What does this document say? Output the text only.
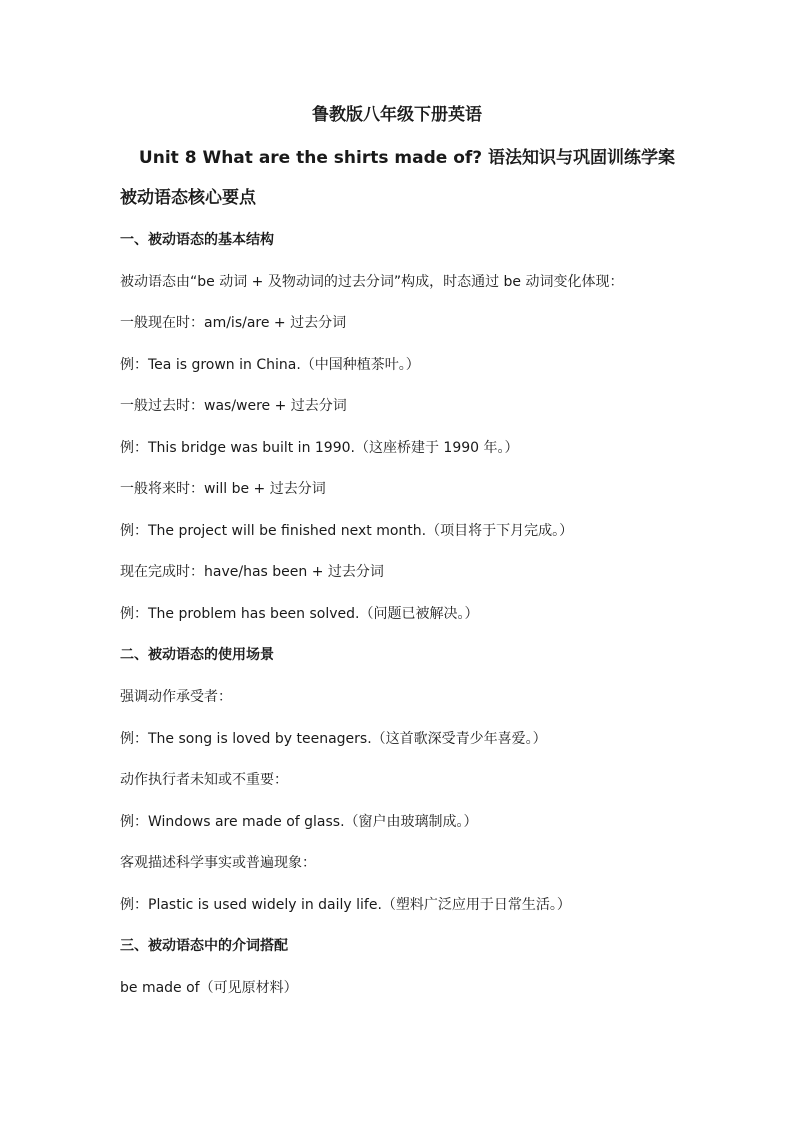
鲁教版八年级下册英语

Unit 8 What are the shirts made of? 语法知识与巩固训练学案

被动语态核心要点

一、被动语态的基本结构

被动语态由“be 动词 + 及物动词的过去分词”构成，时态通过 be 动词变化体现：

一般现在时：am/is/are + 过去分词

例：Tea is grown in China.（中国种植茶叶。）

一般过去时：was/were + 过去分词

例：This bridge was built in 1990.（这座桥建于 1990 年。）

一般将来时：will be + 过去分词

例：The project will be finished next month.（项目将于下月完成。）

现在完成时：have/has been + 过去分词

例：The problem has been solved.（问题已被解决。）

二、被动语态的使用场景

强调动作承受者：

例：The song is loved by teenagers.（这首歌深受青少年喜爱。）

动作执行者未知或不重要：

例：Windows are made of glass.（窗户由玻璃制成。）

客观描述科学事实或普遍现象：

例：Plastic is used widely in daily life.（塑料广泛应用于日常生活。）

三、被动语态中的介词搭配

be made of（可见原材料）
